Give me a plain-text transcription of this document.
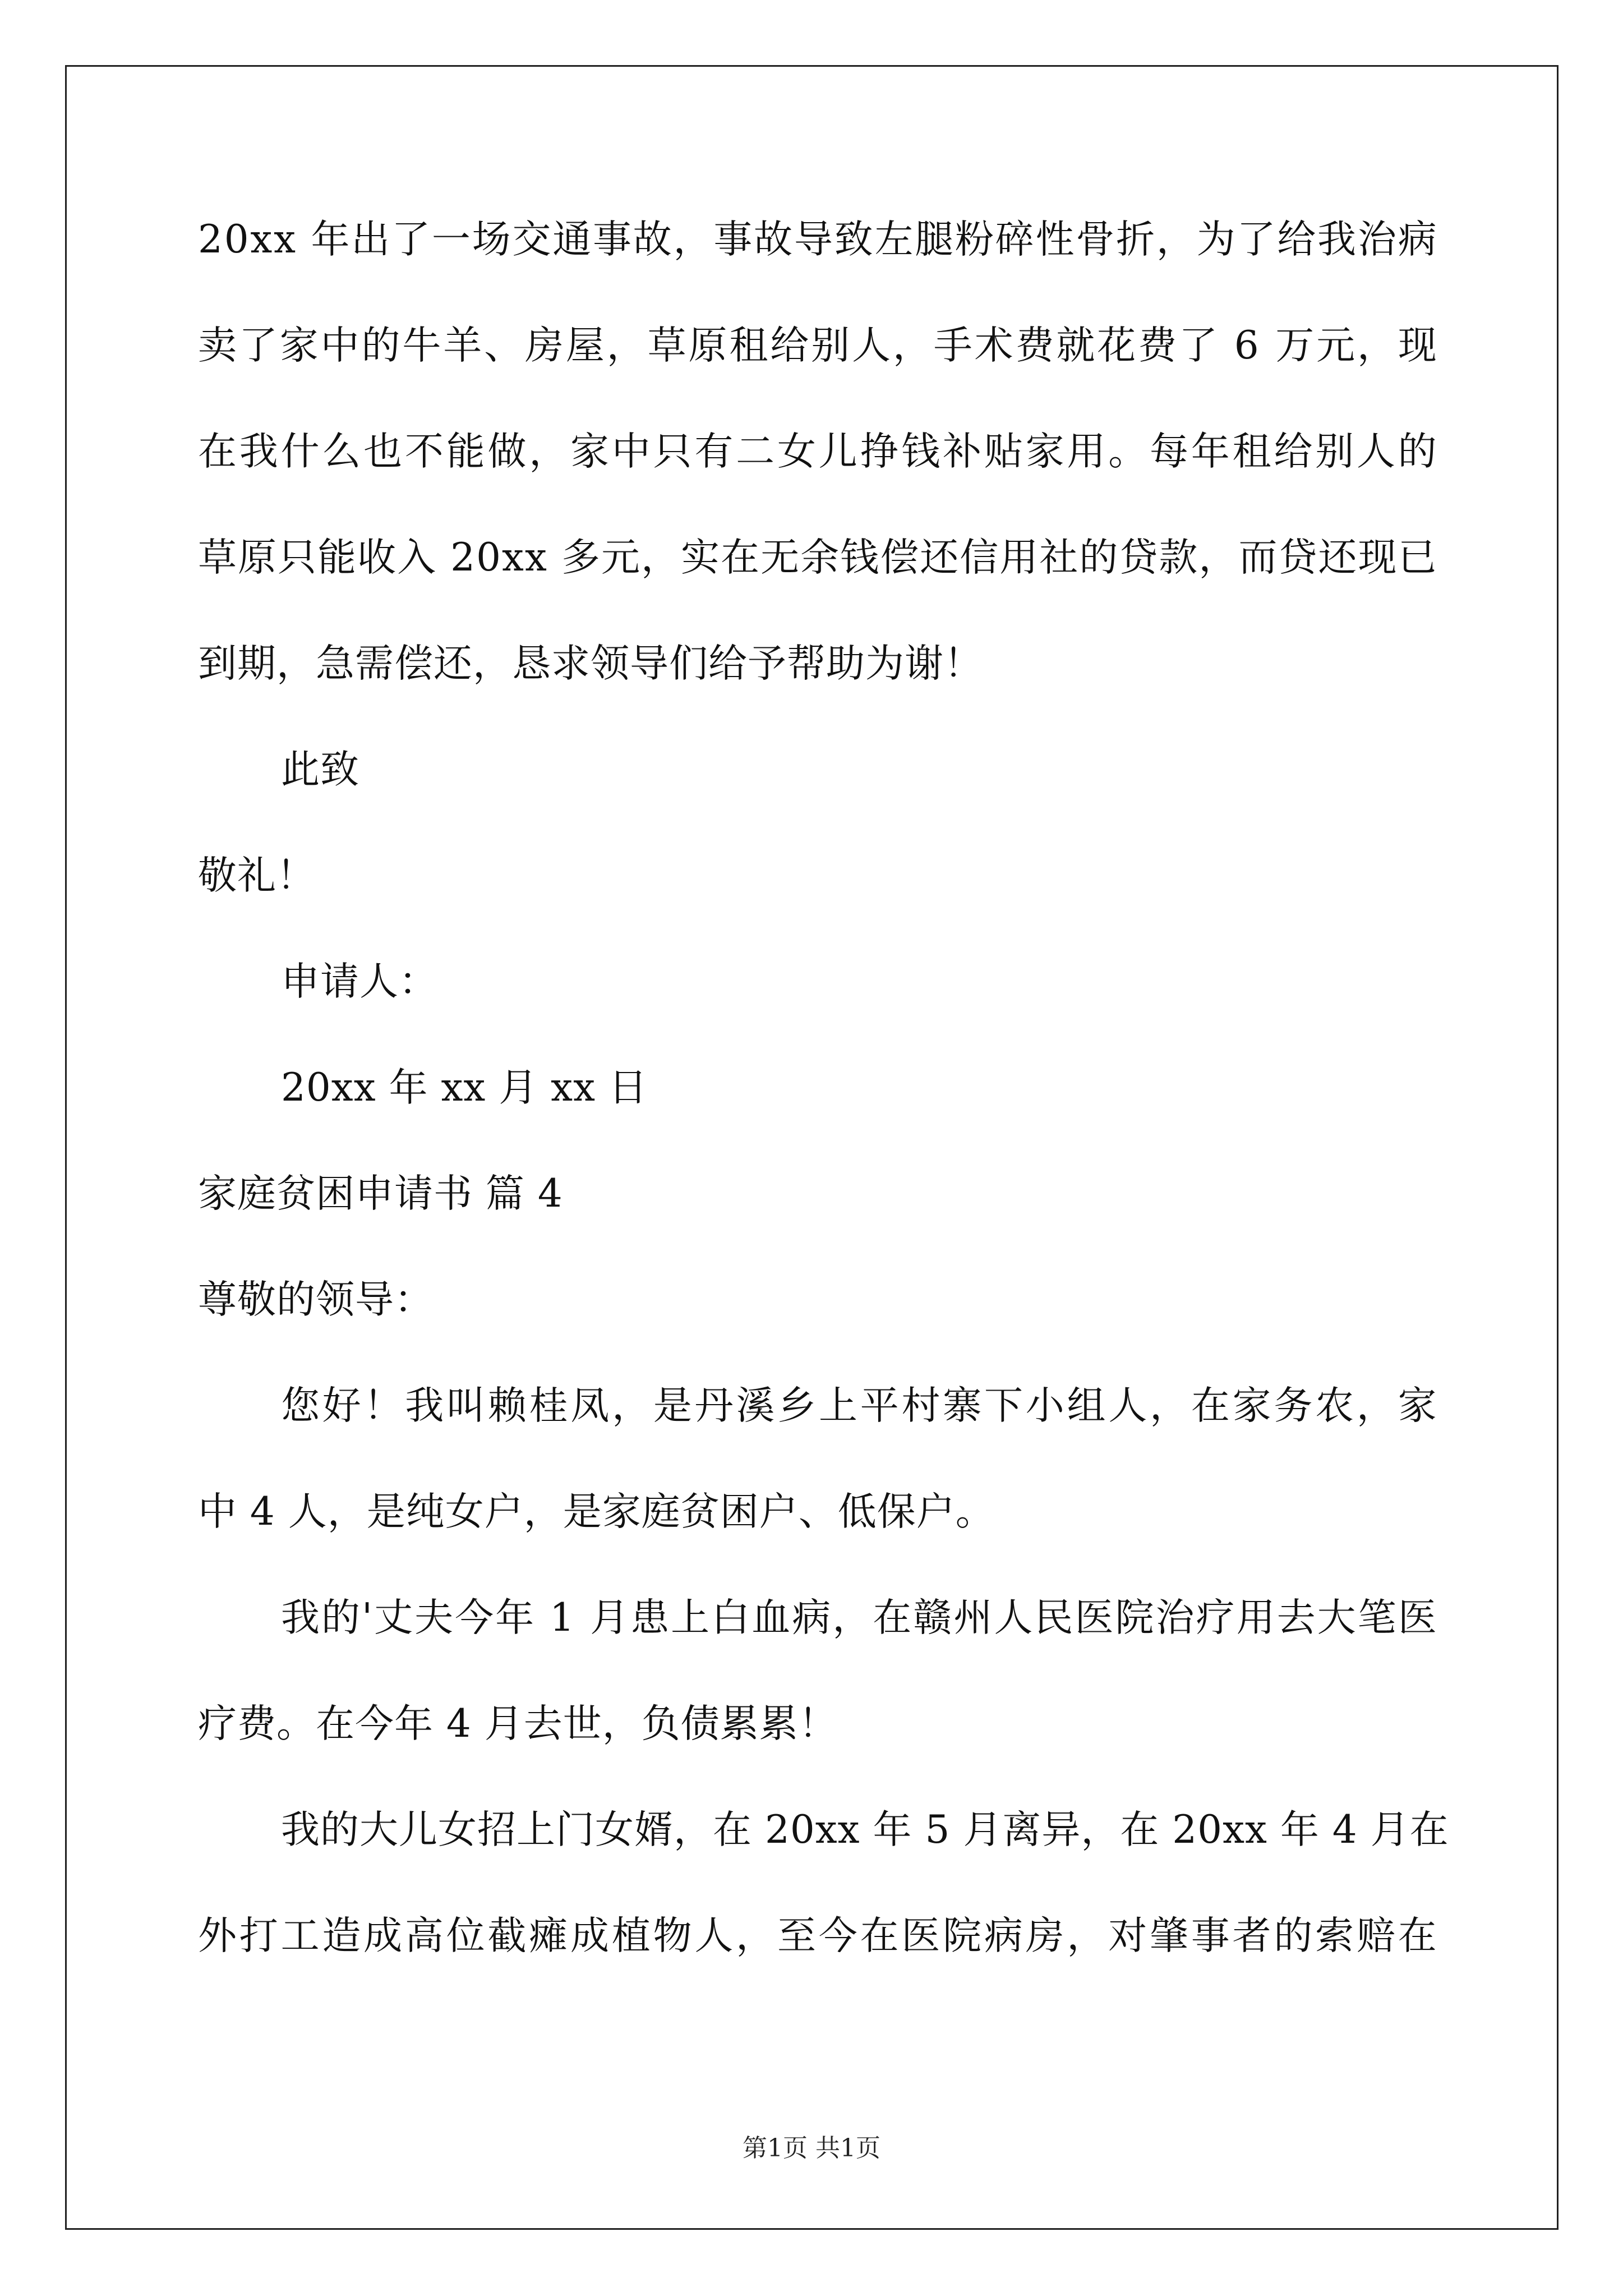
2 0 x x
年 出 了 一 场 交 通 事 故 ， 事 故 导 致 左 腿 粉 碎 性 骨 折 ， 为 了 给 我 治 病
卖 了 家 中 的 牛 羊 、 房 屋 ， 草 原 租 给 别 人 ， 手 术 费 就 花 费 了
6
万 元 ， 现
在 我 什 么 也 不 能 做 ， 家 中 只 有 二 女 儿 挣 钱 补 贴 家 用 。 每 年 租 给 别 人 的
草 原 只 能 收 入
2 0 x x
多 元 ， 实 在 无 余 钱 偿 还 信 用 社 的 贷 款 ， 而 贷 还 现 已
到期，急需偿还，恳求领导们给予帮助为谢！
此致
敬礼！
申请人：
20xx 年 xx 月 xx 日
家庭贫困申请书 篇 4
尊敬的领导：
您 好 ！ 我 叫 赖 桂 凤 ， 是 丹 溪 乡 上 平 村 寨 下 小 组 人 ， 在 家 务 农 ， 家
中 4 人，是纯女户，是家庭贫困户、低保户。
我 的 ' 丈 夫 今 年
1
月 患 上 白 血 病 ， 在 赣 州 人 民 医 院 治 疗 用 去 大 笔 医
疗费。在今年 4 月去世，负债累累！
我 的 大 儿 女 招 上 门 女 婿 ， 在
2 0 x x
年
5
月 离 异 ， 在
2 0 x x
年
4
月 在
外 打 工 造 成 高 位 截 瘫 成 植 物 人 ， 至 今 在 医 院 病 房 ， 对 肇 事 者 的 索 赔 在
第1页 共1页
